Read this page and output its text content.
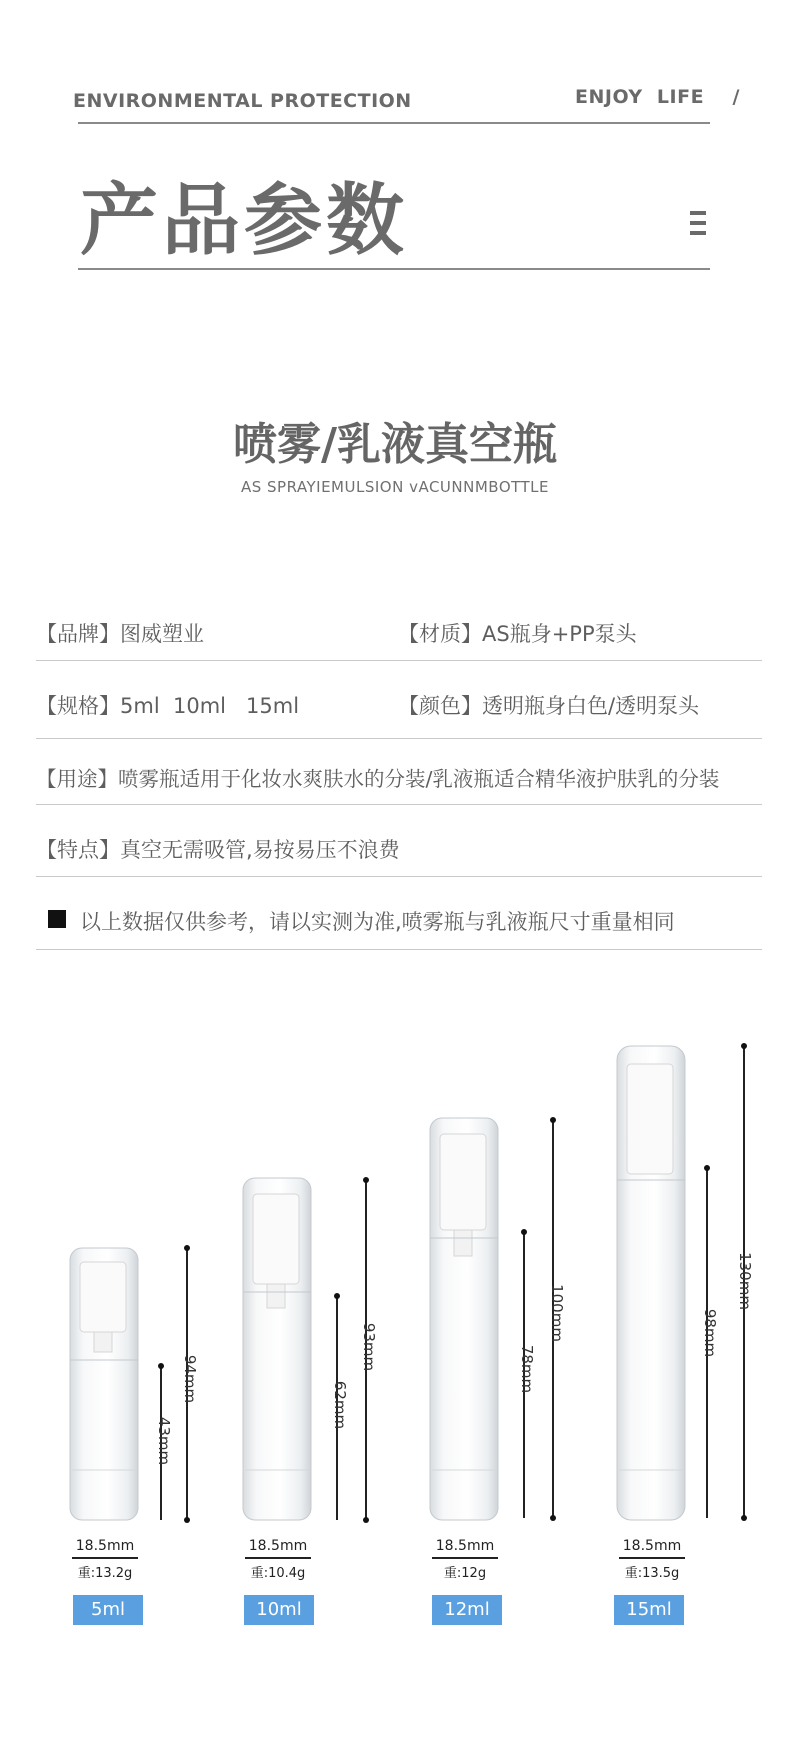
ENVIRONMENTAL PROTECTION	ENJOY  LIFE    /
产品参数
喷雾/乳液真空瓶
AS SPRAYIEMULSION vACUNNMBOTTLE
【品牌】图威塑业	【材质】AS瓶身+PP泵头
【规格】5ml  10ml   15ml	【颜色】透明瓶身白色/透明泵头
【用途】喷雾瓶适用于化妆水爽肤水的分装/乳液瓶适合精华液护肤乳的分装
【特点】真空无需吸管,易按易压不浪费
以上数据仅供参考，请以实测为准,喷雾瓶与乳液瓶尺寸重量相同
94mm
43mm
93mm
62mm
100mm
78mm
130mm
98mm
18.5mm
重:13.2g
5ml
18.5mm
重:10.4g
10ml
18.5mm
重:12g
12ml
18.5mm
重:13.5g
15ml
